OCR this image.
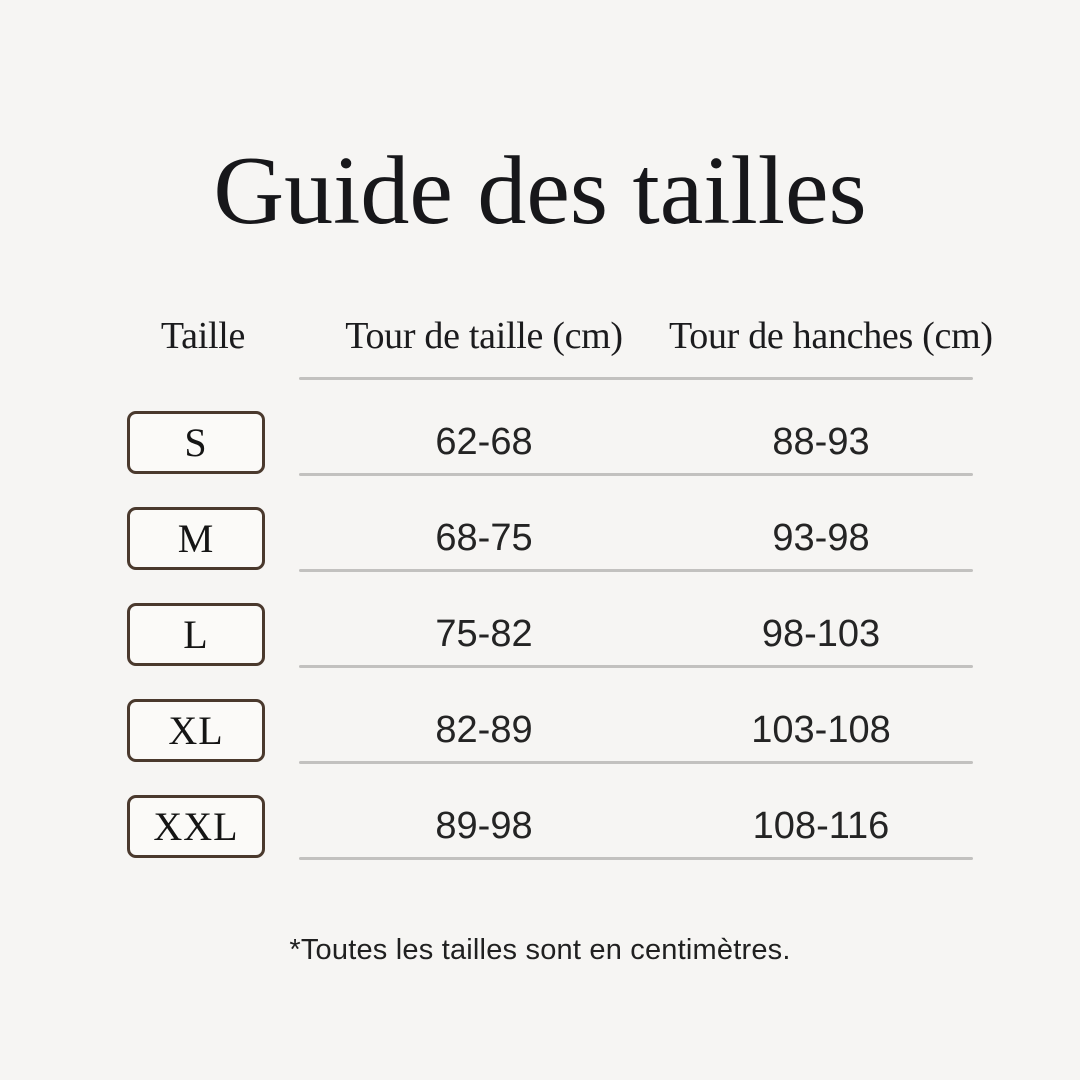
Guide des tailles
Taille	Tour de taille (cm)	Tour de hanches (cm)
S	62-68	88-93
M	68-75	93-98
L	75-82	98-103
XL	82-89	103-108
XXL	89-98	108-116

*Toutes les tailles sont en centimètres.
